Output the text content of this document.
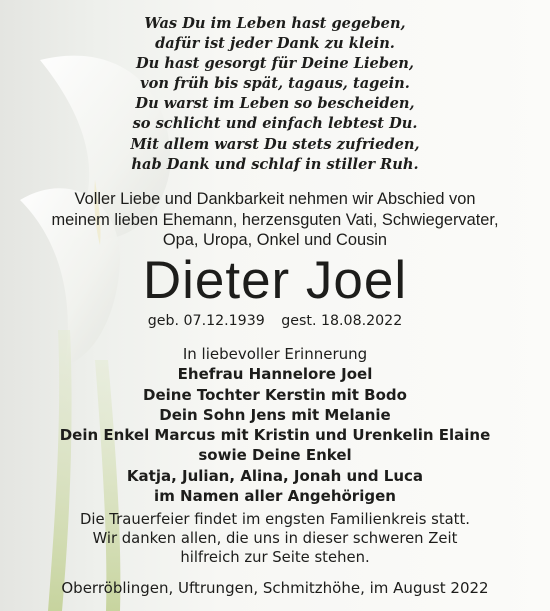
Was Du im Leben hast gegeben,
dafür ist jeder Dank zu klein.
Du hast gesorgt für Deine Lieben,
von früh bis spät, tagaus, tagein.
Du warst im Leben so bescheiden,
so schlicht und einfach lebtest Du.
Mit allem warst Du stets zufrieden,
hab Dank und schlaf in stiller Ruh.
Voller Liebe und Dankbarkeit nehmen wir Abschied von
meinem lieben Ehemann, herzensguten Vati, Schwiegervater,
Opa, Uropa, Onkel und Cousin
Dieter Joel
geb. 07.12.1939 gest. 18.08.2022
In liebevoller Erinnerung
Ehefrau Hannelore Joel
Deine Tochter Kerstin mit Bodo
Dein Sohn Jens mit Melanie
Dein Enkel Marcus mit Kristin und Urenkelin Elaine
sowie Deine Enkel
Katja, Julian, Alina, Jonah und Luca
im Namen aller Angehörigen
Die Trauerfeier findet im engsten Familienkreis statt.
Wir danken allen, die uns in dieser schweren Zeit
hilfreich zur Seite stehen.
Oberröblingen, Uftrungen, Schmitzhöhe, im August 2022
